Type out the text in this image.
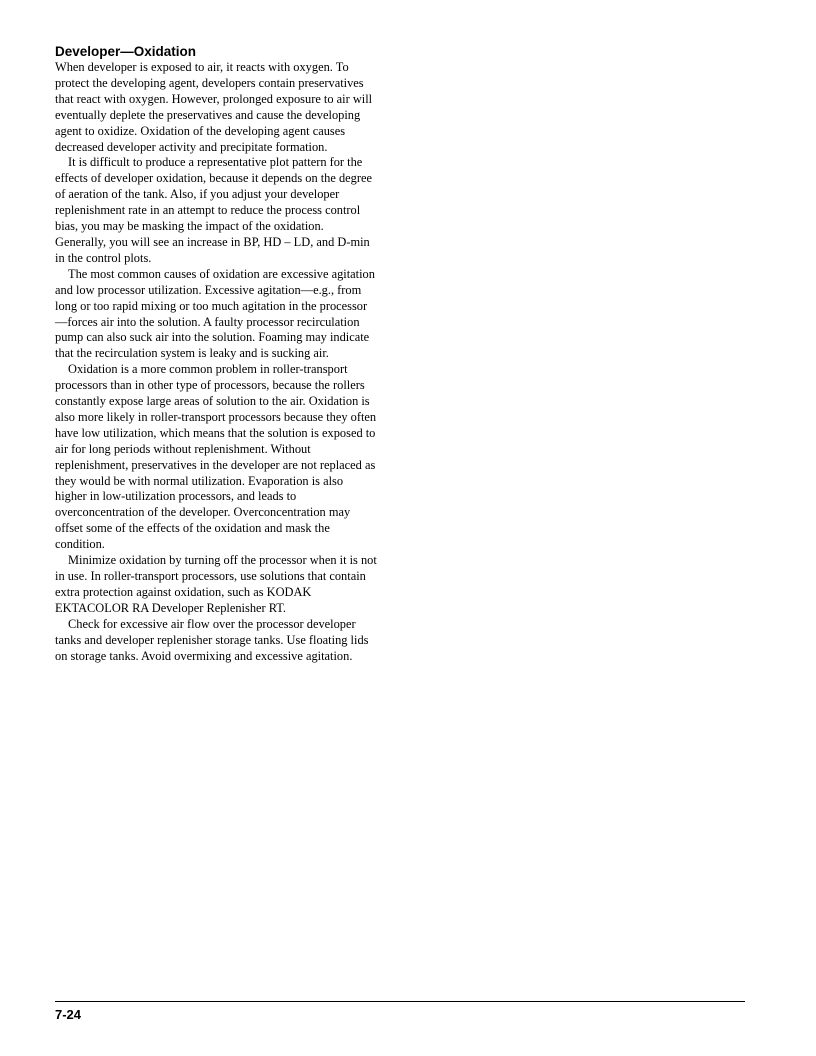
Developer—Oxidation

When developer is exposed to air, it reacts with oxygen. To protect the developing agent, developers contain preservatives that react with oxygen. However, prolonged exposure to air will eventually deplete the preservatives and cause the developing agent to oxidize. Oxidation of the developing agent causes decreased developer activity and precipitate formation.

It is difficult to produce a representative plot pattern for the effects of developer oxidation, because it depends on the degree of aeration of the tank. Also, if you adjust your developer replenishment rate in an attempt to reduce the process control bias, you may be masking the impact of the oxidation. Generally, you will see an increase in BP, HD – LD, and D-min in the control plots.

The most common causes of oxidation are excessive agitation and low processor utilization. Excessive agitation—e.g., from long or too rapid mixing or too much agitation in the processor—forces air into the solution. A faulty processor recirculation pump can also suck air into the solution. Foaming may indicate that the recirculation system is leaky and is sucking air.

Oxidation is a more common problem in roller-transport processors than in other type of processors, because the rollers constantly expose large areas of solution to the air. Oxidation is also more likely in roller-transport processors because they often have low utilization, which means that the solution is exposed to air for long periods without replenishment. Without replenishment, preservatives in the developer are not replaced as they would be with normal utilization. Evaporation is also higher in low-utilization processors, and leads to overconcentration of the developer. Overconcentration may offset some of the effects of the oxidation and mask the condition.

Minimize oxidation by turning off the processor when it is not in use. In roller-transport processors, use solutions that contain extra protection against oxidation, such as KODAK EKTACOLOR RA Developer Replenisher RT.

Check for excessive air flow over the processor developer tanks and developer replenisher storage tanks. Use floating lids on storage tanks. Avoid overmixing and excessive agitation.

7-24
